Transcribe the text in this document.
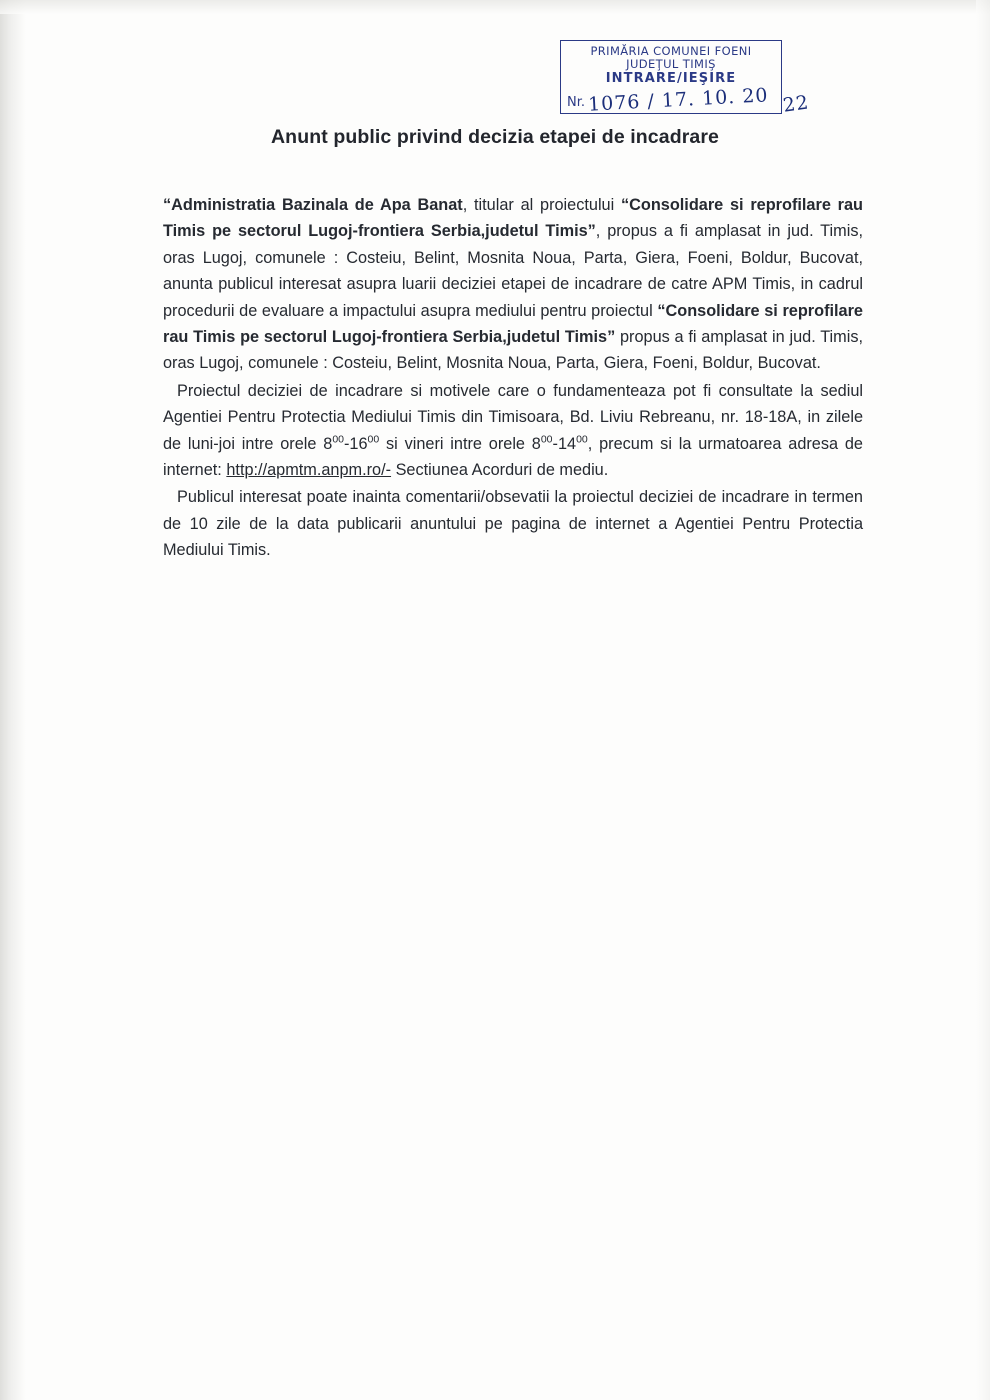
PRIMĂRIA COMUNEI FOENI
JUDEŢUL TIMIŞ
INTRARE/IEŞIRE
Nr. 1076 / 17. 10. 20 22
Anunt public privind decizia etapei de incadrare

“Administratia Bazinala de Apa Banat, titular al proiectului “Consolidare si reprofilare rau Timis pe sectorul Lugoj-frontiera Serbia,judetul Timis”, propus a fi amplasat in jud. Timis, oras Lugoj, comunele : Costeiu, Belint, Mosnita Noua, Parta, Giera, Foeni, Boldur, Bucovat, anunta publicul interesat asupra luarii deciziei etapei de incadrare de catre APM Timis, in cadrul procedurii de evaluare a impactului asupra mediului pentru proiectul “Consolidare si reprofilare rau Timis pe sectorul Lugoj-frontiera Serbia,judetul Timis” propus a fi amplasat in jud. Timis, oras Lugoj, comunele : Costeiu, Belint, Mosnita Noua, Parta, Giera, Foeni, Boldur, Bucovat.

Proiectul deciziei de incadrare si motivele care o fundamenteaza pot fi consultate la sediul Agentiei Pentru Protectia Mediului Timis din Timisoara, Bd. Liviu Rebreanu, nr. 18-18A, in zilele de luni-joi intre orele $8^{00}-16^{00}$ si vineri intre orele $8^{00}-14^{00}$, precum si la urmatoarea adresa de internet: http://apmtm.anpm.ro/- Sectiunea Acorduri de mediu.

Publicul interesat poate inainta comentarii/obsevatii la proiectul deciziei de incadrare in termen de 10 zile de la data publicarii anuntului pe pagina de internet a Agentiei Pentru Protectia Mediului Timis.
